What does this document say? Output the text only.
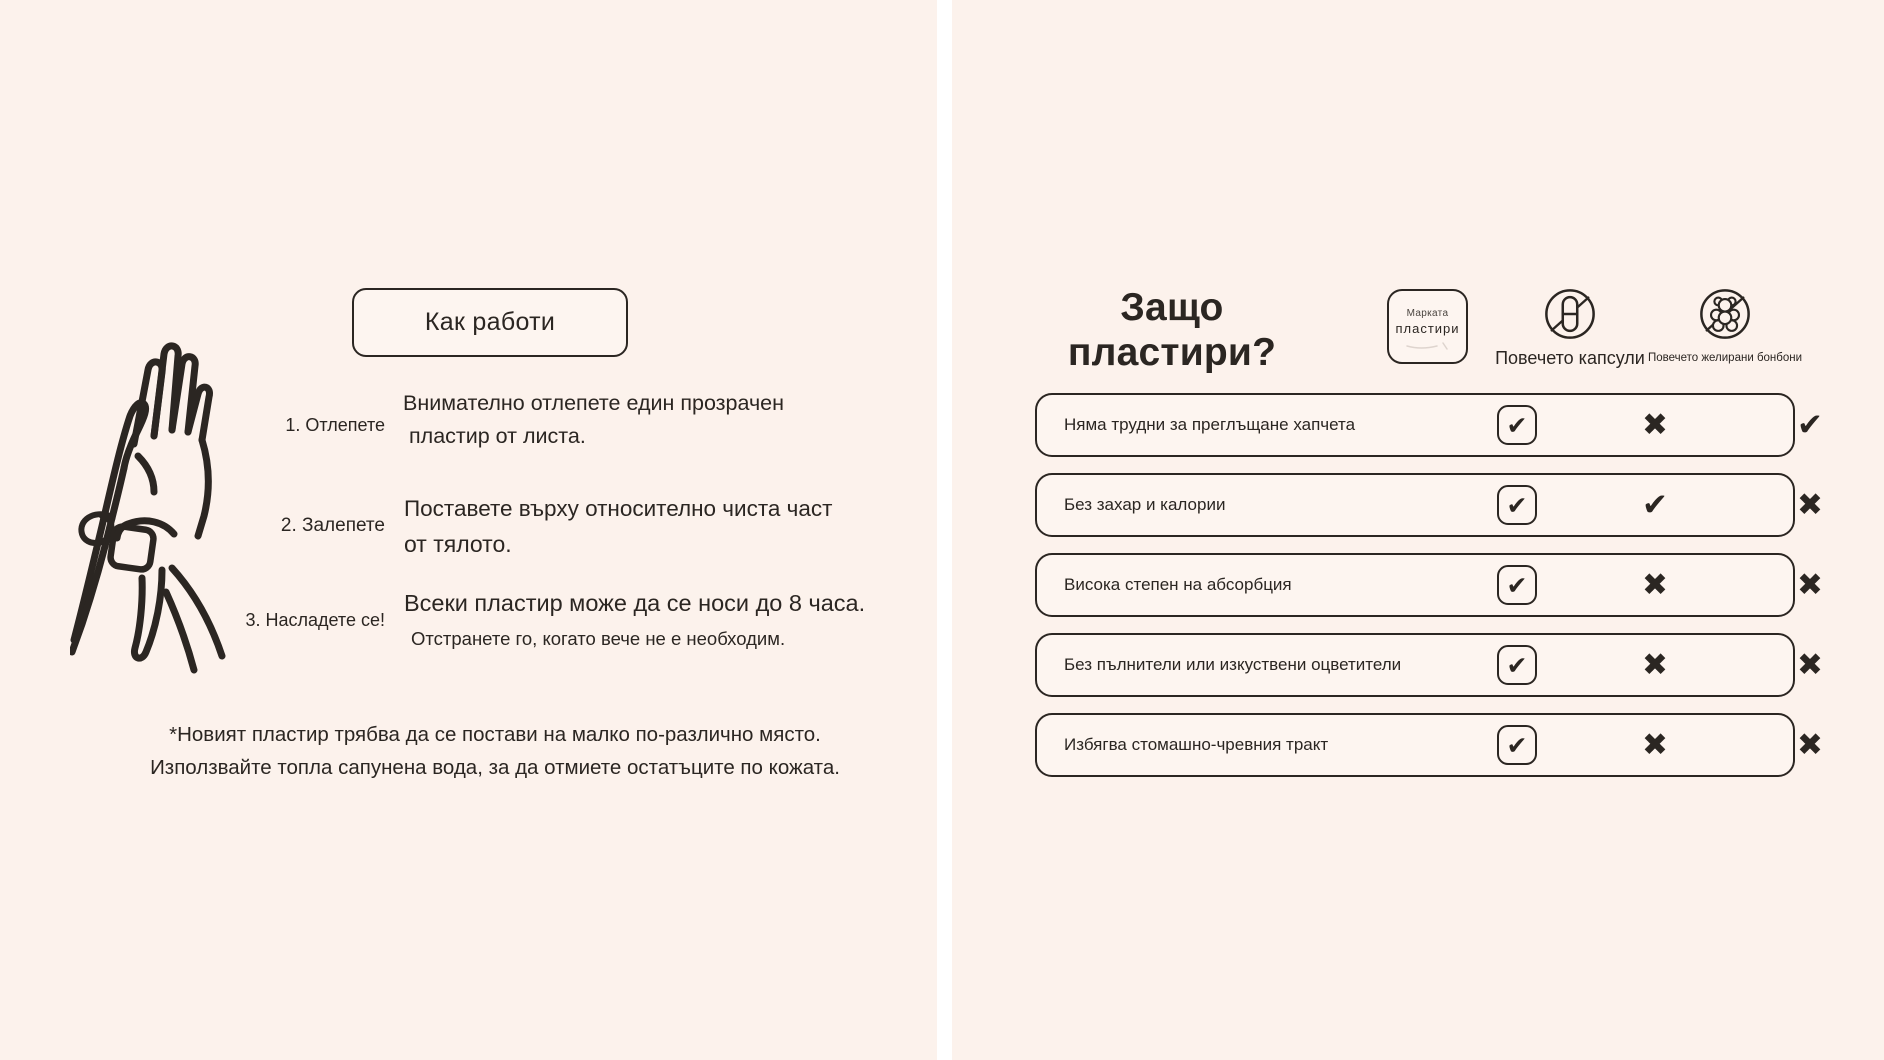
Как работи
1. Отлепете
Внимателно отлепете един прозрачен
пластир от листа.
2. Залепете
Поставете върху относително чиста част
от тялото.
3. Насладете се!
Всеки пластир може да се носи до 8 часа.
Отстранете го, когато вече не е необходим.
*Новият пластир трябва да се постави на малко по-различно място.
Използвайте топла сапунена вода, за да отмиете остатъците по кожата.
Защо
пластири?
Марката
пластири
Повечето капсули Повечето желирани бонбони
Няма трудни за преглъщане хапчета	✔	✖	✔
Без захар и калории	✔	✔	✖
Висока степен на абсорбция	✔	✖	✖
Без пълнители или изкуствени оцветители	✔	✖	✖
Избягва стомашно-чревния тракт	✔	✖	✖
